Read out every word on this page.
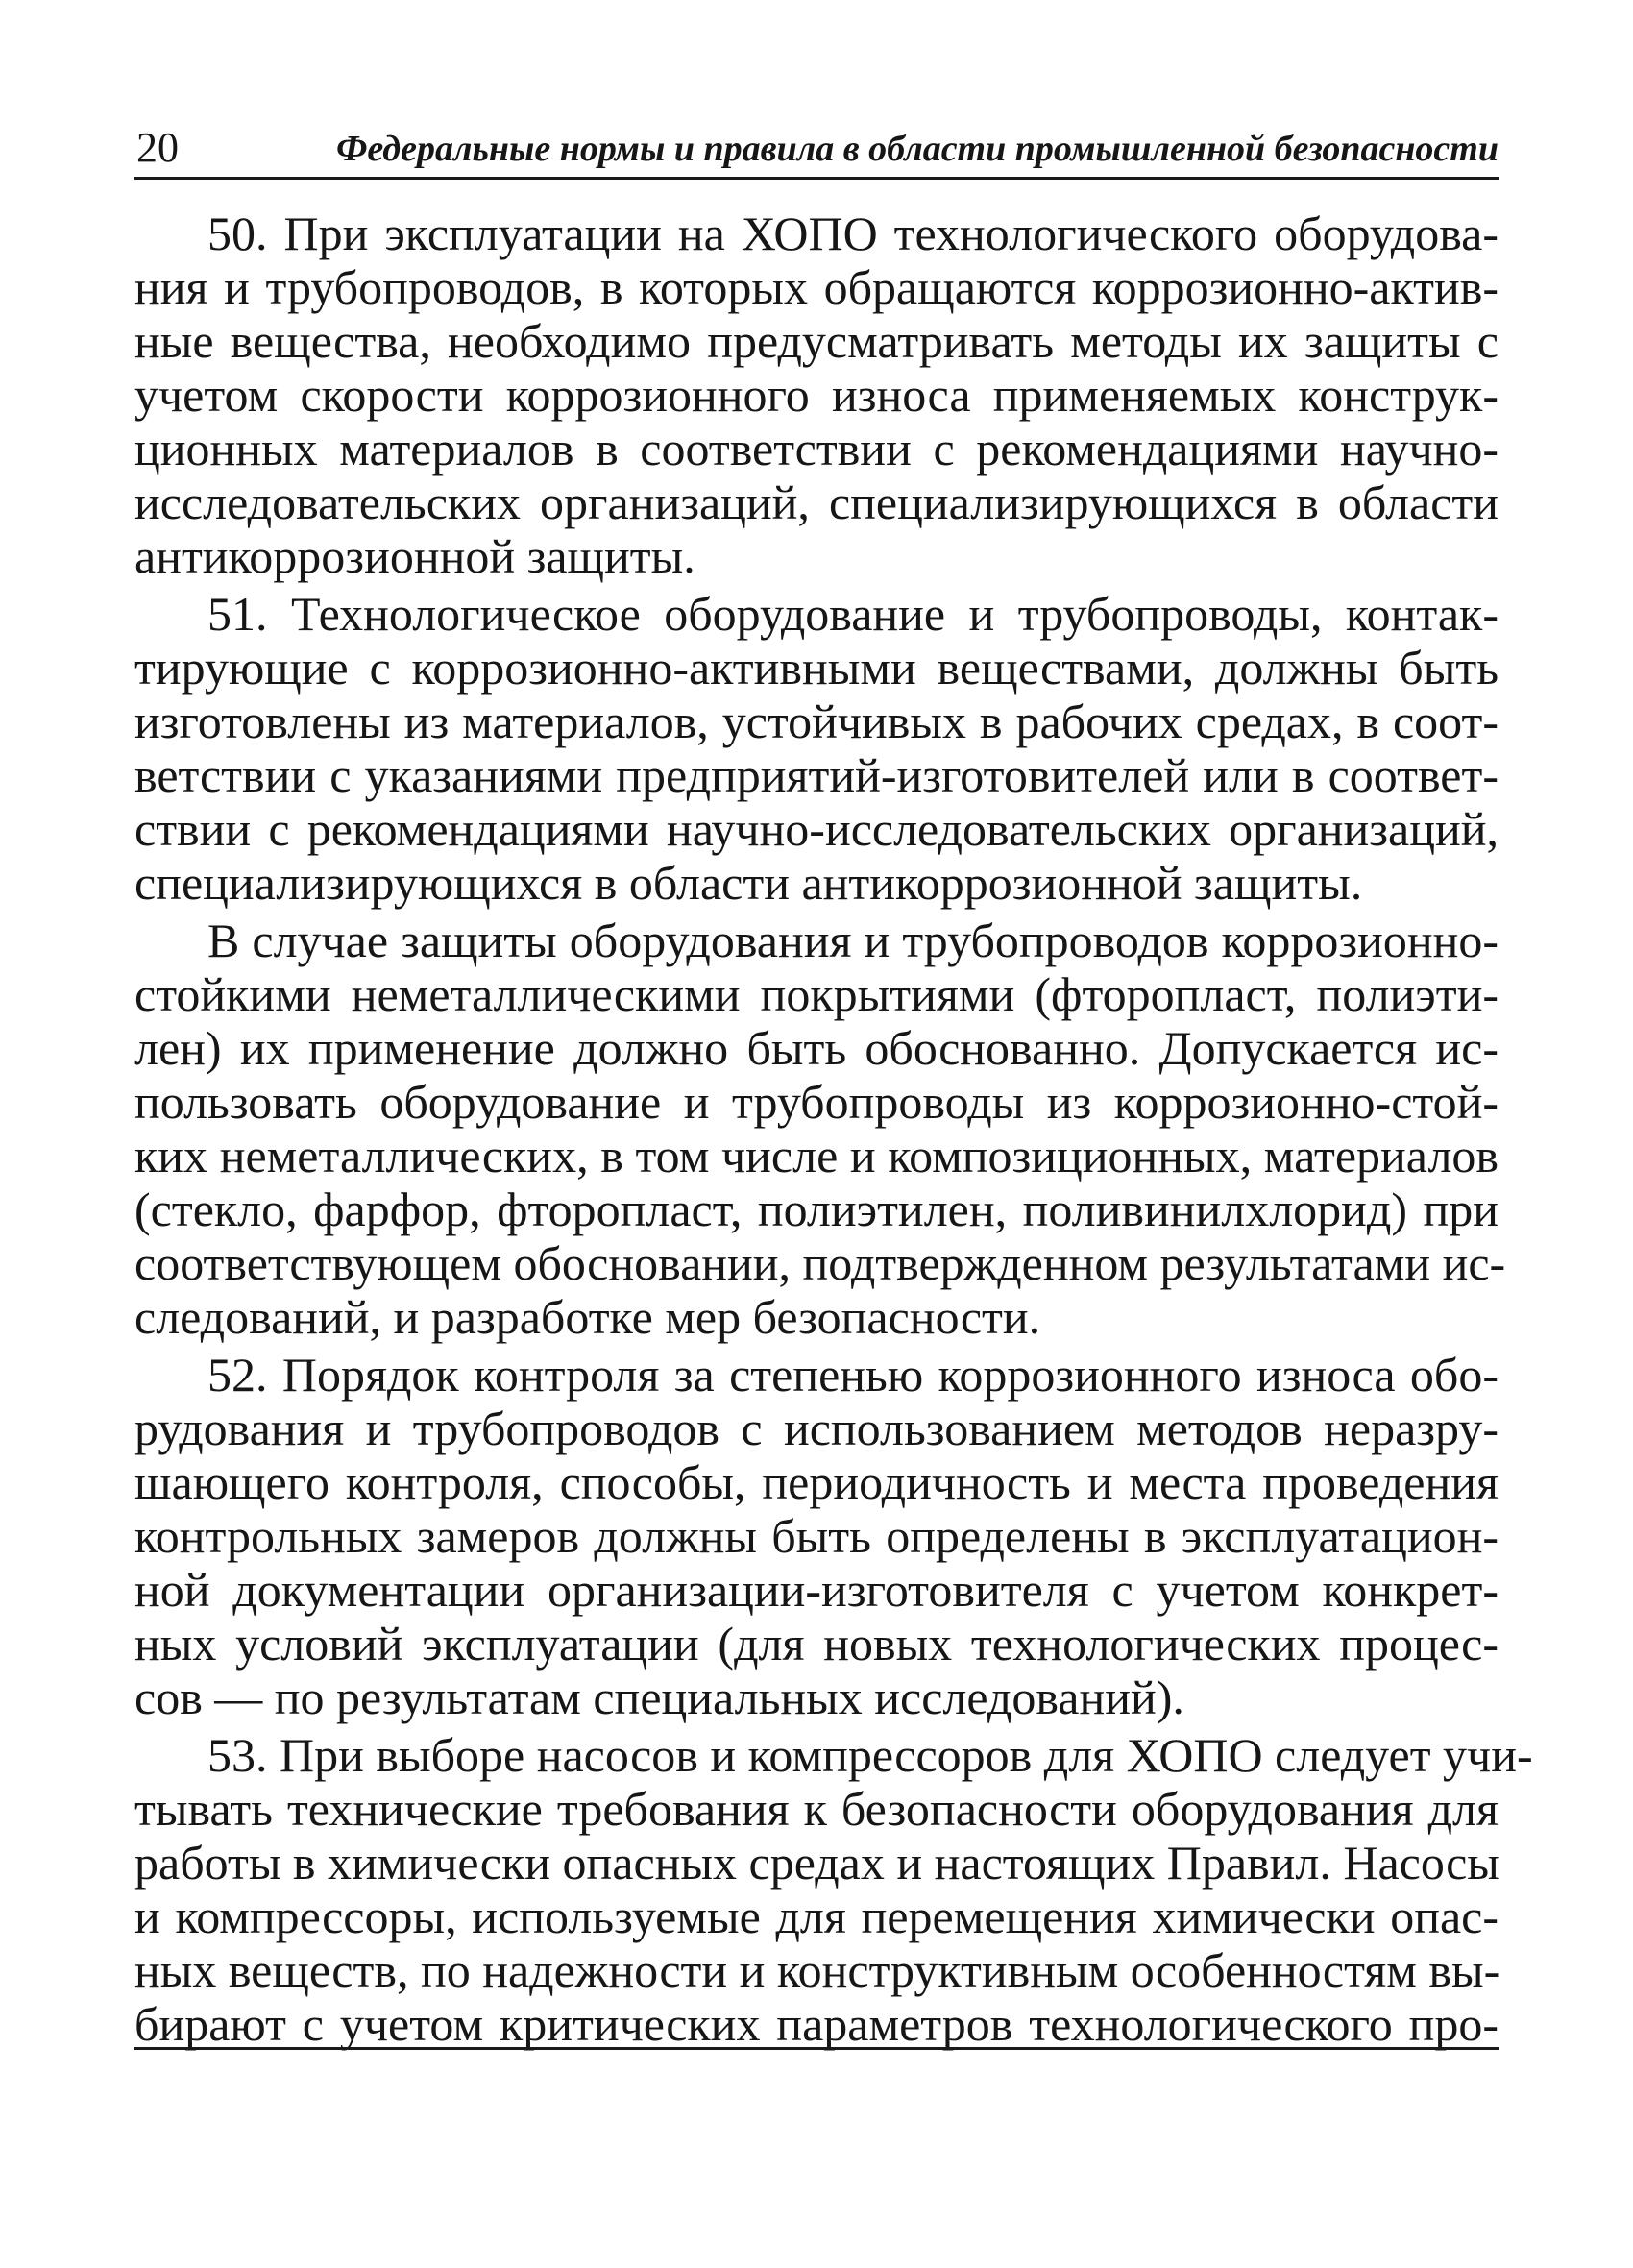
20	Федеральные нормы и правила в области промышленной безопасности
50. При эксплуатации на ХОПО технологического оборудова-
ния и трубопроводов, в которых обращаются коррозионно-актив-
ные вещества, необходимо предусматривать методы их защиты с
учетом скорости коррозионного износа применяемых конструк-
ционных материалов в соответствии с рекомендациями научно-
исследовательских организаций, специализирующихся в области
антикоррозионной защиты.
51. Технологическое оборудование и трубопроводы, контак-
тирующие с коррозионно-активными веществами, должны быть
изготовлены из материалов, устойчивых в рабочих средах, в соот-
ветствии с указаниями предприятий-изготовителей или в соответ-
ствии с рекомендациями научно-исследовательских организаций,
специализирующихся в области антикоррозионной защиты.
В случае защиты оборудования и трубопроводов коррозионно-
стойкими неметаллическими покрытиями (фторопласт, полиэти-
лен) их применение должно быть обоснованно. Допускается ис-
пользовать оборудование и трубопроводы из коррозионно-стой-
ких неметаллических, в том числе и композиционных, материалов
(стекло, фарфор, фторопласт, полиэтилен, поливинилхлорид) при
соответствующем обосновании, подтвержденном результатами ис-
следований, и разработке мер безопасности.
52. Порядок контроля за степенью коррозионного износа обо-
рудования и трубопроводов с использованием методов неразру-
шающего контроля, способы, периодичность и места проведения
контрольных замеров должны быть определены в эксплуатацион-
ной документации организации-изготовителя с учетом конкрет-
ных условий эксплуатации (для новых технологических процес-
сов — по результатам специальных исследований).
53. При выборе насосов и компрессоров для ХОПО следует учи-
тывать технические требования к безопасности оборудования для
работы в химически опасных средах и настоящих Правил. Насосы
и компрессоры, используемые для перемещения химически опас-
ных веществ, по надежности и конструктивным особенностям вы-
бирают с учетом критических параметров технологического про-
